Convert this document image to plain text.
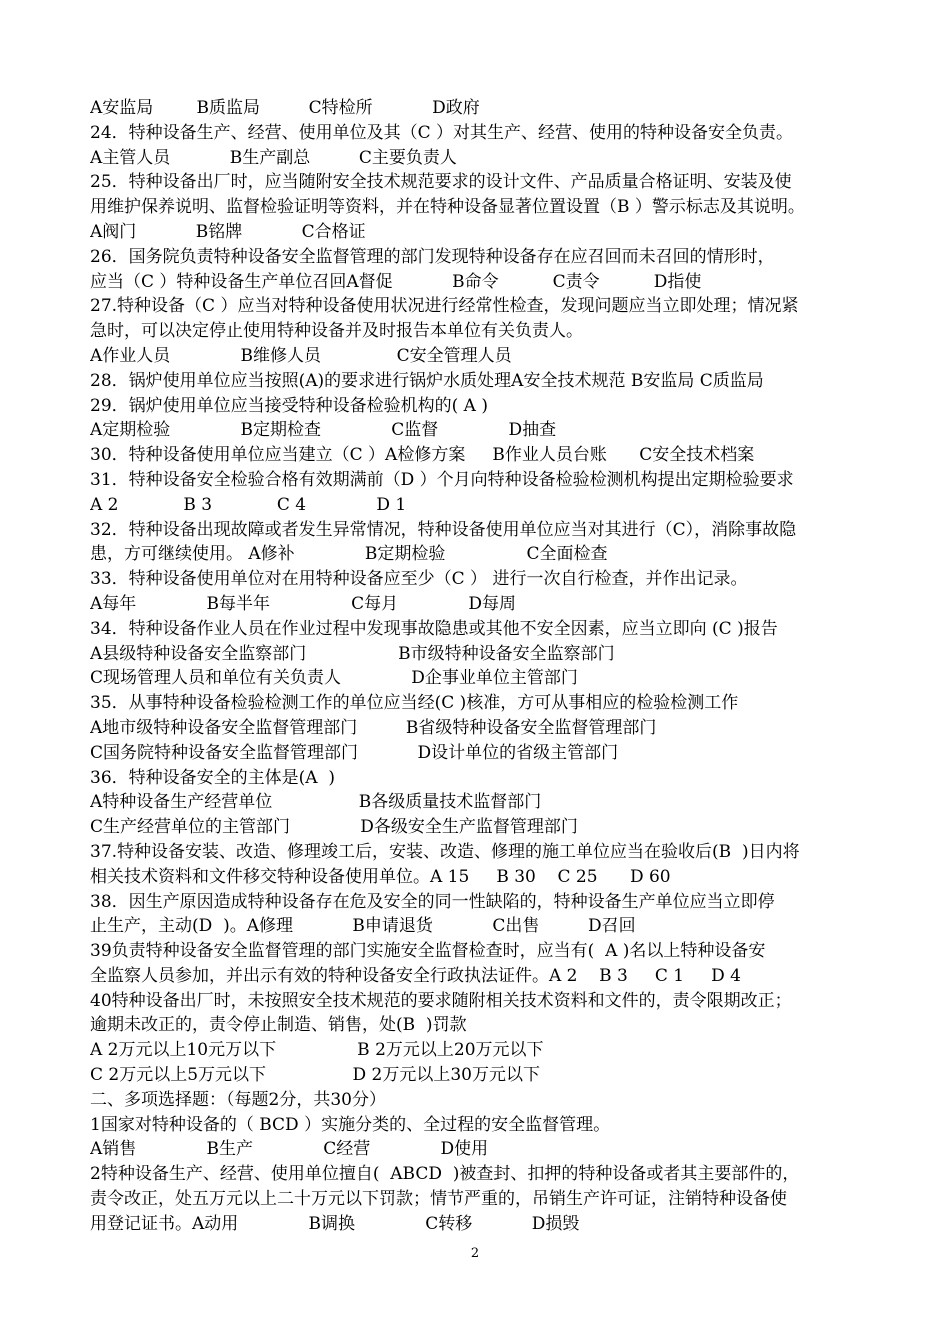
A安监局        B质监局         C特检所           D政府
24．特种设备生产、经营、使用单位及其（C ）对其生产、经营、使用的特种设备安全负责。
A主管人员           B生产副总         C主要负责人
25．特种设备出厂时，应当随附安全技术规范要求的设计文件、产品质量合格证明、安装及使
用维护保养说明、监督检验证明等资料，并在特种设备显著位置设置（B ）警示标志及其说明。
A阀门           B铭牌           C合格证
26．国务院负责特种设备安全监督管理的部门发现特种设备存在应召回而未召回的情形时，
应当（C ）特种设备生产单位召回A督促           B命令          C责令          D指使
27.特种设备（C ）应当对特种设备使用状况进行经常性检查，发现问题应当立即处理；情况紧
急时，可以决定停止使用特种设备并及时报告本单位有关负责人。
A作业人员             B维修人员              C安全管理人员
28．锅炉使用单位应当按照(A)的要求进行锅炉水质处理A安全技术规范 B安监局 C质监局
29．锅炉使用单位应当接受特种设备检验机构的( A )
A定期检验             B定期检查             C监督             D抽查
30．特种设备使用单位应当建立（C ）A检修方案     B作业人员台账      C安全技术档案
31．特种设备安全检验合格有效期满前（D ）个月向特种设备检验检测机构提出定期检验要求
A 2            B 3            C 4             D 1
32．特种设备出现故障或者发生异常情况，特种设备使用单位应当对其进行（C），消除事故隐
患，方可继续使用。 A修补             B定期检验               C全面检查
33．特种设备使用单位对在用特种设备应至少（C ） 进行一次自行检查，并作出记录。
A每年             B每半年               C每月             D每周
34．特种设备作业人员在作业过程中发现事故隐患或其他不安全因素，应当立即向 (C )报告
A县级特种设备安全监察部门                 B市级特种设备安全监察部门
C现场管理人员和单位有关负责人             D企事业单位主管部门
35．从事特种设备检验检测工作的单位应当经(C )核准，方可从事相应的检验检测工作
A地市级特种设备安全监督管理部门         B省级特种设备安全监督管理部门
C国务院特种设备安全监督管理部门           D设计单位的省级主管部门
36．特种设备安全的主体是(A  )
A特种设备生产经营单位                B各级质量技术监督部门
C生产经营单位的主管部门             D各级安全生产监督管理部门
37.特种设备安装、改造、修理竣工后，安装、改造、修理的施工单位应当在验收后(B  )日内将
相关技术资料和文件移交特种设备使用单位。A 15     B 30    C 25      D 60
38．因生产原因造成特种设备存在危及安全的同一性缺陷的，特种设备生产单位应当立即停
止生产，主动(D  )。A修理           B申请退货           C出售         D召回
39负责特种设备安全监督管理的部门实施安全监督检查时，应当有(  A )名以上特种设备安
全监察人员参加，并出示有效的特种设备安全行政执法证件。A 2    B 3     C 1     D 4
40特种设备出厂时，未按照安全技术规范的要求随附相关技术资料和文件的，责令限期改正；
逾期未改正的，责令停止制造、销售，处(B  )罚款
A 2万元以上10元万以下               B 2万元以上20万元以下
C 2万元以上5万元以下                D 2万元以上30万元以下
二、多项选择题：（每题2分，共30分）
1国家对特种设备的（ BCD ）实施分类的、全过程的安全监督管理。
A销售             B生产             C经营             D使用
2特种设备生产、经营、使用单位擅自(  ABCD  )被查封、扣押的特种设备或者其主要部件的，
责令改正，处五万元以上二十万元以下罚款；情节严重的，吊销生产许可证，注销特种设备使
用登记证书。A动用             B调换             C转移           D损毁
2
